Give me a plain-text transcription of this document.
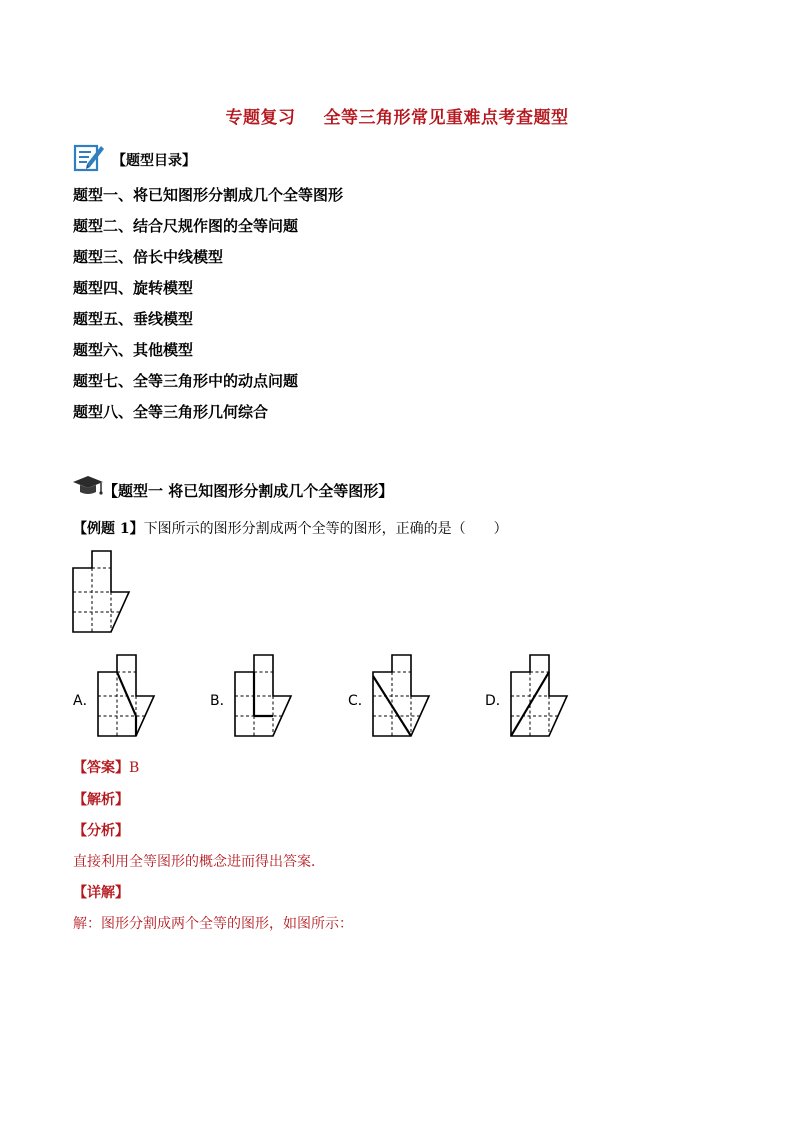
专题复习 全等三角形常见重难点考查题型
【题型目录】
题型一、将已知图形分割成几个全等图形
题型二、结合尺规作图的全等问题
题型三、倍长中线模型
题型四、旋转模型
题型五、垂线模型
题型六、其他模型
题型七、全等三角形中的动点问题
题型八、全等三角形几何综合
【题型一 将已知图形分割成几个全等图形】
【例题 1】下图所示的图形分割成两个全等的图形，正确的是（　　）
A．	B．	C．	D．
【答案】B
【解析】
【分析】
直接利用全等图形的概念进而得出答案．
【详解】
解：图形分割成两个全等的图形，如图所示：
